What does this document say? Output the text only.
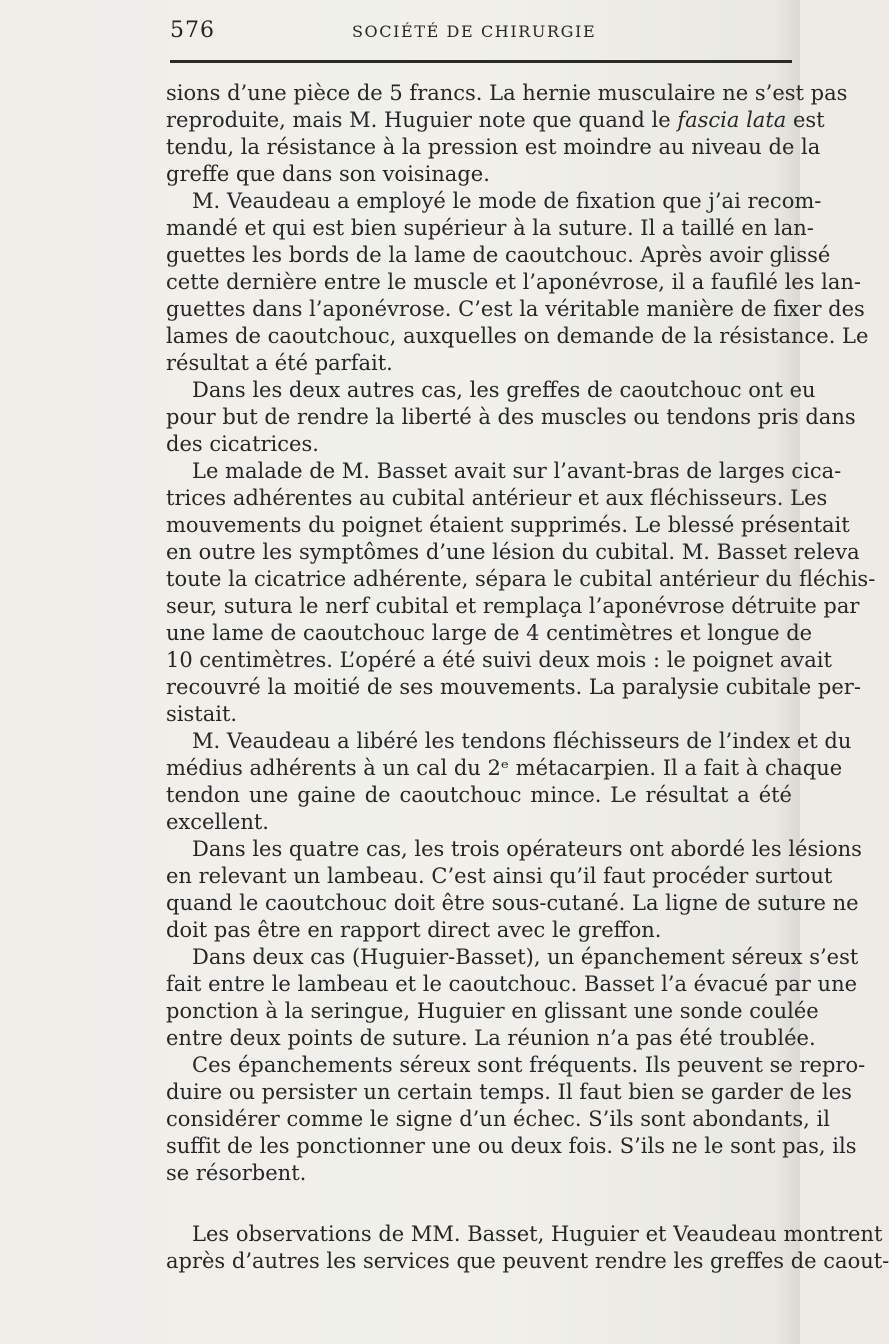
576	SOCIÉTÉ DE CHIRURGIE
sions d’une pièce de 5 francs. La hernie musculaire ne s’est pas
reproduite, mais M. Huguier note que quand le fascia lata est
tendu, la résistance à la pression est moindre au niveau de la
greffe que dans son voisinage.
M. Veaudeau a employé le mode de fixation que j’ai recom-
mandé et qui est bien supérieur à la suture. Il a taillé en lan-
guettes les bords de la lame de caoutchouc. Après avoir glissé
cette dernière entre le muscle et l’aponévrose, il a faufilé les lan-
guettes dans l’aponévrose. C’est la véritable manière de fixer des
lames de caoutchouc, auxquelles on demande de la résistance. Le
résultat a été parfait.
Dans les deux autres cas, les greffes de caoutchouc ont eu
pour but de rendre la liberté à des muscles ou tendons pris dans
des cicatrices.
Le malade de M. Basset avait sur l’avant-bras de larges cica-
trices adhérentes au cubital antérieur et aux fléchisseurs. Les
mouvements du poignet étaient supprimés. Le blessé présentait
en outre les symptômes d’une lésion du cubital. M. Basset releva
toute la cicatrice adhérente, sépara le cubital antérieur du fléchis-
seur, sutura le nerf cubital et remplaça l’aponévrose détruite par
une lame de caoutchouc large de 4 centimètres et longue de
10 centimètres. L’opéré a été suivi deux mois : le poignet avait
recouvré la moitié de ses mouvements. La paralysie cubitale per-
sistait.
M. Veaudeau a libéré les tendons fléchisseurs de l’index et du
médius adhérents à un cal du 2ᵉ métacarpien. Il a fait à chaque
tendon une gaine de caoutchouc mince. Le résultat a été
excellent.
Dans les quatre cas, les trois opérateurs ont abordé les lésions
en relevant un lambeau. C’est ainsi qu’il faut procéder surtout
quand le caoutchouc doit être sous-cutané. La ligne de suture ne
doit pas être en rapport direct avec le greffon.
Dans deux cas (Huguier-Basset), un épanchement séreux s’est
fait entre le lambeau et le caoutchouc. Basset l’a évacué par une
ponction à la seringue, Huguier en glissant une sonde coulée
entre deux points de suture. La réunion n’a pas été troublée.
Ces épanchements séreux sont fréquents. Ils peuvent se repro-
duire ou persister un certain temps. Il faut bien se garder de les
considérer comme le signe d’un échec. S’ils sont abondants, il
suffit de les ponctionner une ou deux fois. S’ils ne le sont pas, ils
se résorbent.
Les observations de MM. Basset, Huguier et Veaudeau montrent
après d’autres les services que peuvent rendre les greffes de caout-
